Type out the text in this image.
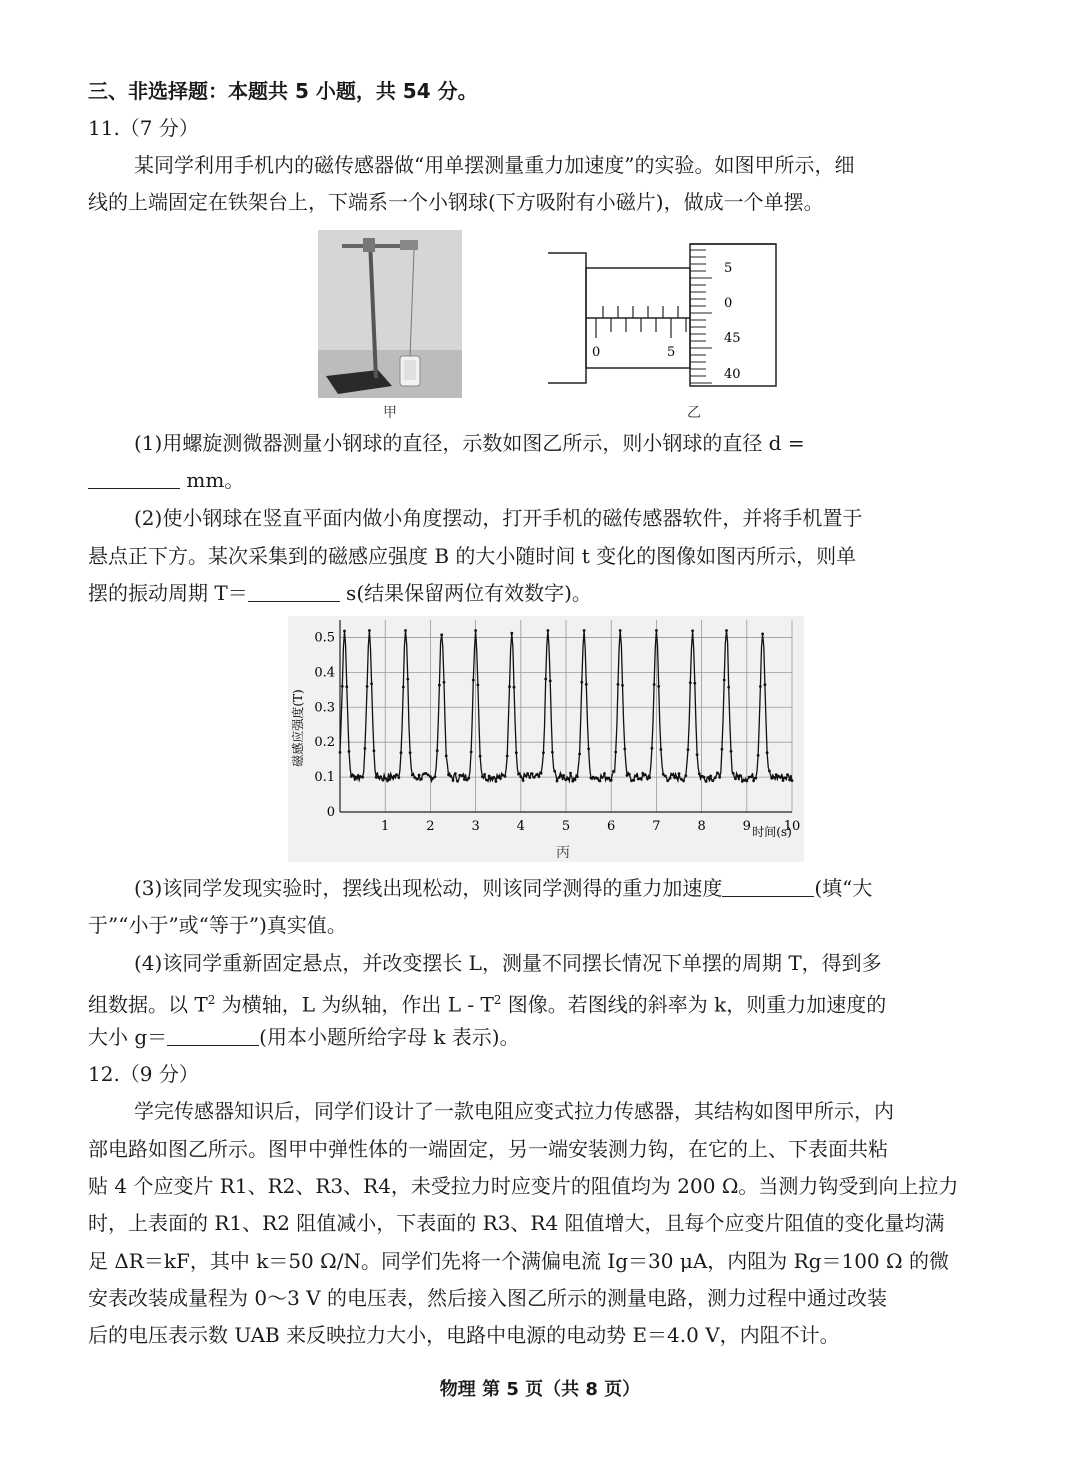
三、非选择题：本题共 5 小题，共 54 分。
11.（7 分）
某同学利用手机内的磁传感器做“用单摆测量重力加速度”的实验。如图甲所示，细
线的上端固定在铁架台上，下端系一个小钢球(下方吸附有小磁片)，做成一个单摆。
甲
0	5
5
0
45
40
乙
(1)用螺旋测微器测量小钢球的直径，示数如图乙所示，则小钢球的直径 d =
mm。
(2)使小钢球在竖直平面内做小角度摆动，打开手机的磁传感器软件，并将手机置于
悬点正下方。某次采集到的磁感应强度 B 的大小随时间 t 变化的图像如图丙所示，则单
摆的振动周期 T＝	s(结果保留两位有效数字)。
1	2	3	4	5	6	7	8	9	10
0
0.1
0.2
0.3
0.4
0.5
磁感应强度(T)
时间(s)
丙
(3)该同学发现实验时，摆线出现松动，则该同学测得的重力加速度	(填“大
于”“小于”或“等于”)真实值。
(4)该同学重新固定悬点，并改变摆长 L，测量不同摆长情况下单摆的周期 T，得到多
组数据。以 $T^2$ 为横轴，L 为纵轴，作出 L - $T^2$ 图像。若图线的斜率为 k，则重力加速度的
大小 g＝	(用本小题所给字母 k 表示)。
12.（9 分）
学完传感器知识后，同学们设计了一款电阻应变式拉力传感器，其结构如图甲所示，内
部电路如图乙所示。图甲中弹性体的一端固定，另一端安装测力钩，在它的上、下表面共粘
贴 4 个应变片 R1、R2、R3、R4，未受拉力时应变片的阻值均为 200 Ω。当测力钩受到向上拉力
时，上表面的 R1、R2 阻值减小，下表面的 R3、R4 阻值增大，且每个应变片阻值的变化量均满
足 ΔR＝kF，其中 k＝50 Ω/N。同学们先将一个满偏电流 Ig＝30 μA，内阻为 Rg＝100 Ω 的微
安表改装成量程为 0～3 V 的电压表，然后接入图乙所示的测量电路，测力过程中通过改装
后的电压表示数 UAB 来反映拉力大小，电路中电源的电动势 E＝4.0 V，内阻不计。
物理 第 5 页（共 8 页）
